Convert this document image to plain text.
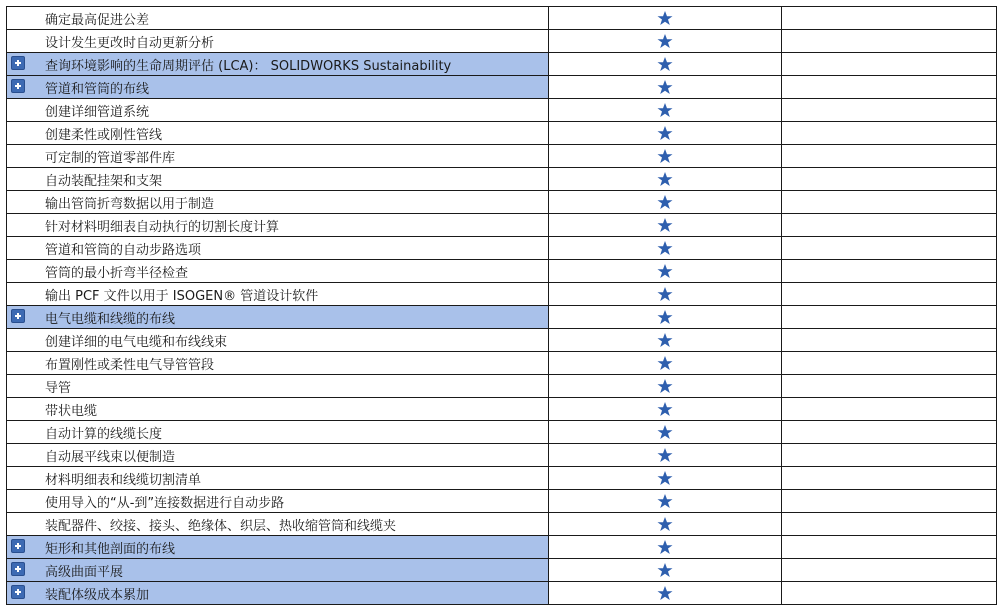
确定最高促进公差
设计发生更改时自动更新分析
查询环境影响的生命周期评估 (LCA)： SOLIDWORKS Sustainability
管道和管筒的布线
创建详细管道系统
创建柔性或刚性管线
可定制的管道零部件库
自动装配挂架和支架
输出管筒折弯数据以用于制造
针对材料明细表自动执行的切割长度计算
管道和管筒的自动步路选项
管筒的最小折弯半径检查
输出 PCF 文件以用于 ISOGEN® 管道设计软件
电气电缆和线缆的布线
创建详细的电气电缆和布线线束
布置刚性或柔性电气导管管段
导管
带状电缆
自动计算的线缆长度
自动展平线束以便制造
材料明细表和线缆切割清单
使用导入的“从-到”连接数据进行自动步路
装配器件、绞接、接头、绝缘体、织层、热收缩管筒和线缆夹
矩形和其他剖面的布线
高级曲面平展
装配体级成本累加
